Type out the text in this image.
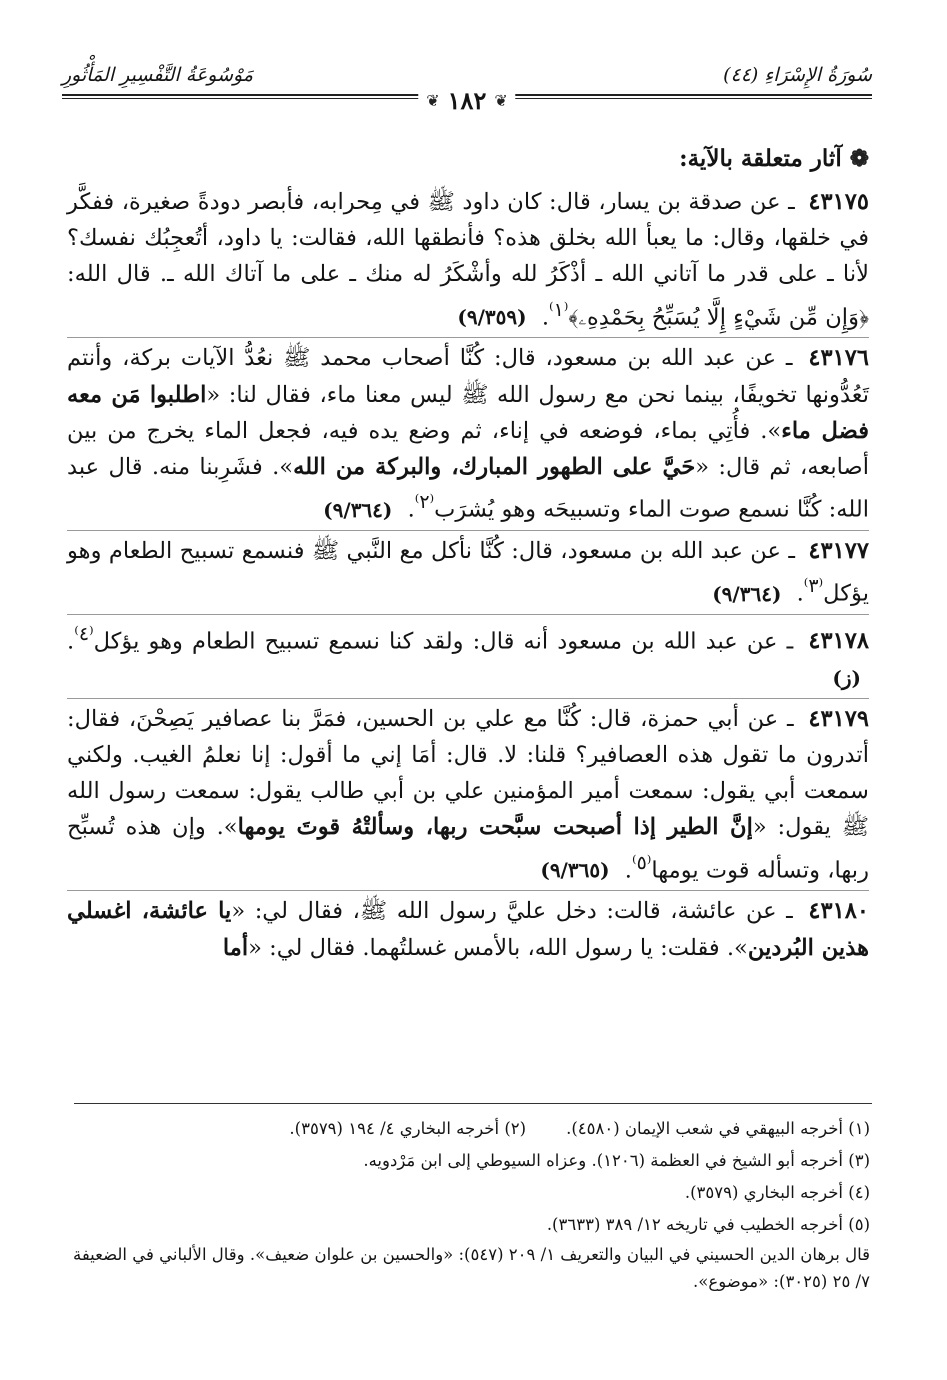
سُورَةُ الإِسْرَاءِ (٤٤)
مَوْسُوعَةُ التَّفْسِيرِ المَأْثُورِ
❦ ١٨٢ ❦

❁آثار متعلقة بالآية:

٤٣١٧٥ ـ عن صدقة بن يسار، قال: كان داود ﷺ في مِحرابه، فأبصر دودةً صغيرة، ففكَّر في خلقها، وقال: ما يعبأ الله بخلق هذه؟ فأنطقها الله، فقالت: يا داود، أتُعجِبُك نفسك؟ لأنا ـ على قدر ما آتاني الله ـ أذْكَرُ لله وأشْكَرُ له منك ـ على ما آتاك الله ـ. قال الله: ﴿وَإِن مِّن شَيْءٍ إِلَّا يُسَبِّحُ بِحَمْدِهِۦ﴾$^{^(١^)}$. (٩/٣٥٩)

٤٣١٧٦ ـ عن عبد الله بن مسعود، قال: كُنَّا أصحاب محمد ﷺ نعُدُّ الآيات بركة، وأنتم تَعُدُّونها تخويفًا، بينما نحن مع رسول الله ﷺ ليس معنا ماء، فقال لنا: «اطلبوا مَن معه فضل ماء». فأُتِي بماء، فوضعه في إناء، ثم وضع يده فيه، فجعل الماء يخرج من بين أصابعه، ثم قال: «حَيَّ على الطهور المبارك، والبركة من الله». فشَرِبنا منه. قال عبد الله: كُنَّا نسمع صوت الماء وتسبيحَه وهو يُشرَب$^{^(٢^)}$. (٩/٣٦٤)

٤٣١٧٧ ـ عن عبد الله بن مسعود، قال: كُنَّا نأكل مع النَّبي ﷺ فنسمع تسبيح الطعام وهو يؤكل$^{^(٣^)}$. (٩/٣٦٤)

٤٣١٧٨ ـ عن عبد الله بن مسعود أنه قال: ولقد كنا نسمع تسبيح الطعام وهو يؤكل$^{^(٤^)}$. (ز)

٤٣١٧٩ ـ عن أبي حمزة، قال: كُنَّا مع علي بن الحسين، فمَرَّ بنا عصافير يَصِحْنَ، فقال: أتدرون ما تقول هذه العصافير؟ قلنا: لا. قال: أمَا إني ما أقول: إنا نعلمُ الغيب. ولكني سمعت أبي يقول: سمعت أمير المؤمنين علي بن أبي طالب يقول: سمعت رسول الله ﷺ يقول: «إنَّ الطير إذا أصبحت سبَّحت ربها، وسألتْهُ قوتَ يومها». وإن هذه تُسبِّح ربها، وتسأله قوت يومها$^{^(٥^)}$. (٩/٣٦٥)

٤٣١٨٠ ـ عن عائشة، قالت: دخل عليَّ رسول الله ﷺ، فقال لي: «يا عائشة، اغسلي هذين البُردين». فقلت: يا رسول الله، بالأمس غسلتُهما. فقال لي: «أما

(١) أخرجه البيهقي في شعب الإيمان (٤٥٨٠).
(٢) أخرجه البخاري ٤/ ١٩٤ (٣٥٧٩).
(٣) أخرجه أبو الشيخ في العظمة (١٢٠٦). وعزاه السيوطي إلى ابن مَرْدويه.
(٤) أخرجه البخاري (٣٥٧٩).
(٥) أخرجه الخطيب في تاريخه ١٢/ ٣٨٩ (٣٦٣٣).
قال برهان الدين الحسيني في البيان والتعريف ١/ ٢٠٩ (٥٤٧): «والحسين بن علوان ضعيف». وقال الألباني في الضعيفة ٧/ ٢٥ (٣٠٢٥): «موضوع».
